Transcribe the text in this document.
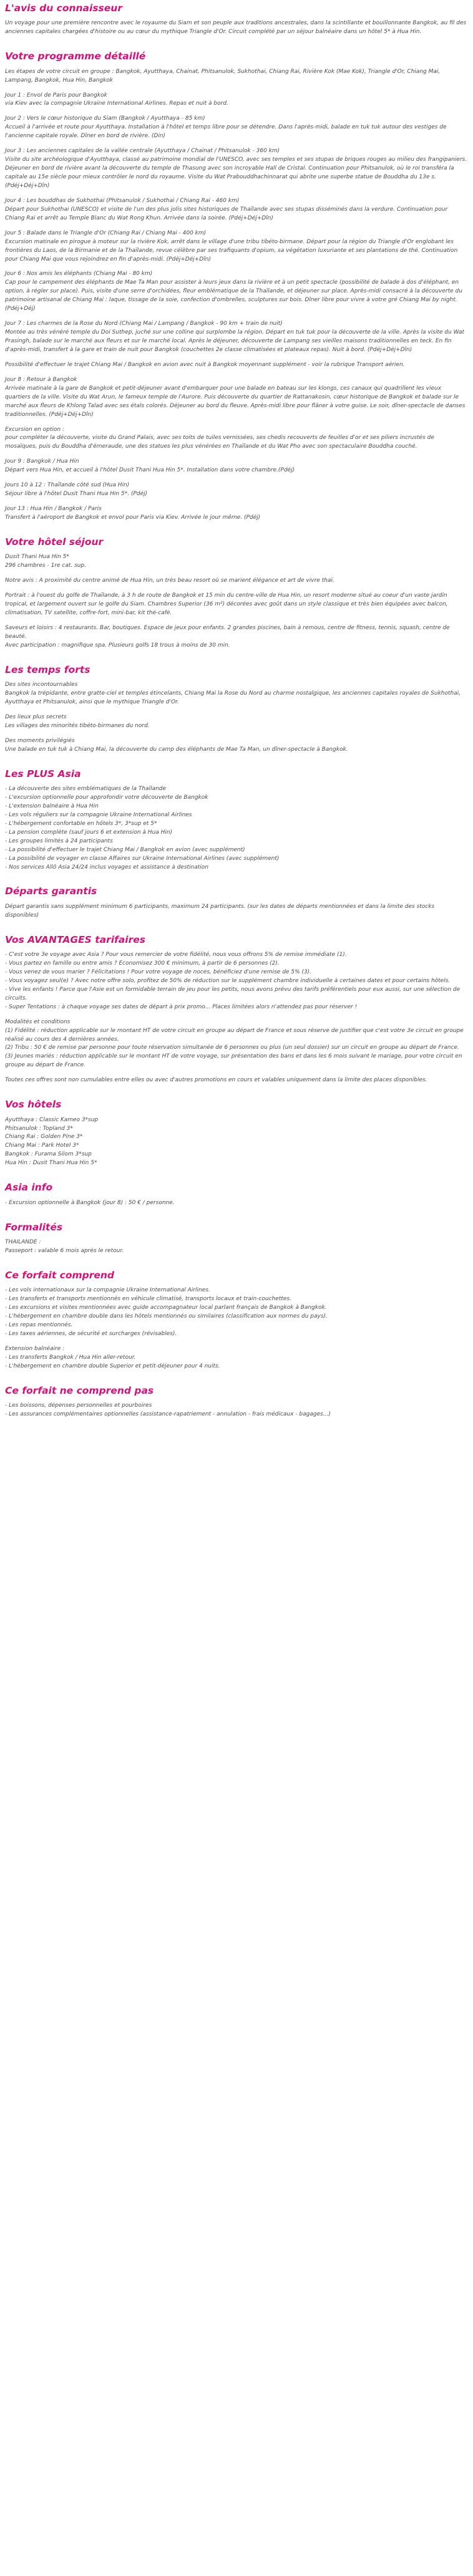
L'avis du connaisseur

Un voyage pour une première rencontre avec le royaume du Siam et son peuple aux traditions ancestrales, dans la scintillante et bouillonnante Bangkok, au fil des anciennes capitales chargées d'histoire ou au cœur du mythique Triangle d'Or. Circuit complété par un séjour balnéaire dans un hôtel 5* à Hua Hin.

Votre programme détaillé

Les étapes de votre circuit en groupe : Bangkok, Ayutthaya, Chainat, Phitsanulok, Sukhothai, Chiang Rai, Rivière Kok (Mae Kok), Triangle d'Or, Chiang Mai, Lampang, Bangkok, Hua Hin, Bangkok

Jour 1 : Envol de Paris pour Bangkok
via Kiev avec la compagnie Ukraine International Airlines. Repas et nuit à bord.

Jour 2 : Vers le cœur historique du Siam (Bangkok / Ayutthaya - 85 km)
Accueil à l'arrivée et route pour Ayutthaya. Installation à l'hôtel et temps libre pour se détendre. Dans l'après-midi, balade en tuk tuk autour des vestiges de l'ancienne capitale royale. Dîner en bord de rivière. (Din)

Jour 3 : Les anciennes capitales de la vallée centrale (Ayutthaya / Chainat / Phitsanulok - 360 km)
Visite du site archéologique d'Ayutthaya, classé au patrimoine mondial de l'UNESCO, avec ses temples et ses stupas de briques rouges au milieu des frangipaniers. Déjeuner en bord de rivière avant la découverte du temple de Thasung avec son incroyable Hall de Cristal. Continuation pour Phitsanulok, où le roi transféra la capitale au 15e siècle pour mieux contrôler le nord du royaume. Visite du Wat Prabouddhachinnarat qui abrite une superbe statue de Bouddha du 13e s. (Pdéj+Déj+Dîn)

Jour 4 : Les bouddhas de Sukhothai (Phitsanulok / Sukhothai / Chiang Rai - 460 km)
Départ pour Sukhothai (UNESCO) et visite de l'un des plus jolis sites historiques de Thaïlande avec ses stupas disséminés dans la verdure. Continuation pour Chiang Rai et arrêt au Temple Blanc du Wat Rong Khun. Arrivée dans la soirée. (Pdéj+Déj+Dîn)

Jour 5 : Balade dans le Triangle d'Or (Chiang Rai / Chiang Mai - 400 km)
Excursion matinale en pirogue à moteur sur la rivière Kok, arrêt dans le village d'une tribu tibéto-birmane. Départ pour la région du Triangle d'Or englobant les frontières du Laos, de la Birmanie et de la Thaïlande, revue célèbre par ses trafiquants d'opium, sa végétation luxuriante et ses plantations de thé. Continuation pour Chiang Mai que vous rejoindrez en fin d'après-midi. (Pdéj+Déj+Dîn)

Jour 6 : Nos amis les éléphants (Chiang Mai - 80 km)
Cap pour le campement des éléphants de Mae Ta Man pour assister à leurs jeux dans la rivière et à un petit spectacle (possibilité de balade à dos d'éléphant, en option, à régler sur place). Puis, visite d'une serre d'orchidées, fleur emblématique de la Thaïlande, et déjeuner sur place. Après-midi consacré à la découverte du patrimoine artisanal de Chiang Mai : laque, tissage de la soie, confection d'ombrelles, sculptures sur bois. Dîner libre pour vivre à votre gré Chiang Mai by night. (Pdéj+Déj)

Jour 7 : Les charmes de la Rose du Nord (Chiang Mai / Lampang / Bangkok - 90 km + train de nuit)
Montée au très vénéré temple du Doi Suthep, juché sur une colline qui surplombe la région. Départ en tuk tuk pour la découverte de la ville. Après la visite du Wat Prasingh, balade sur le marché aux fleurs et sur le marché local. Après le déjeuner, découverte de Lampang ses vieilles maisons traditionnelles en teck. En fin d'après-midi, transfert à la gare et train de nuit pour Bangkok (couchettes 2e classe climatisées et plateaux repas). Nuit à bord. (Pdéj+Déj+Dîn)

Possibilité d'effectuer le trajet Chiang Mai / Bangkok en avion avec nuit à Bangkok moyennant supplément - voir la rubrique Transport aérien.

Jour 8 : Retour à Bangkok
Arrivée matinale à la gare de Bangkok et petit-déjeuner avant d'embarquer pour une balade en bateau sur les klongs, ces canaux qui quadrillent les vieux quartiers de la ville. Visite du Wat Arun, le fameux temple de l'Aurore. Puis découverte du quartier de Rattanakosin, cœur historique de Bangkok et balade sur le marché aux fleurs de Khlong Talad avec ses étals colorés. Déjeuner au bord du fleuve. Après-midi libre pour flâner à votre guise. Le soir, dîner-spectacle de danses traditionnelles. (Pdéj+Déj+Dîn)

Excursion en option :
pour compléter la découverte, visite du Grand Palais, avec ses toits de tuiles vernissées, ses chedis recouverts de feuilles d'or et ses piliers incrustés de mosaïques, puis du Bouddha d'émeraude, une des statues les plus vénérées en Thaïlande et du Wat Pho avec son spectaculaire Bouddha couché.

Jour 9 : Bangkok / Hua Hin
Départ vers Hua Hin, et accueil à l'hôtel Dusit Thani Hua Hin 5*. Installation dans votre chambre.(Pdéj)

Jours 10 à 12 : Thaïlande côté sud (Hua Hin)
Séjour libre à l'hôtel Dusit Thani Hua Hin 5*. (Pdéj)

Jour 13 : Hua Hin / Bangkok / Paris
Transfert à l'aéroport de Bangkok et envol pour Paris via Kiev. Arrivée le jour même. (Pdéj)

Votre hôtel séjour

Dusit Thani Hua Hin 5*
296 chambres - 1re cat. sup.

Notre avis : A proximité du centre animé de Hua Hin, un très beau resort où se marient élégance et art de vivre thaï.

Portrait : à l'ouest du golfe de Thaïlande, à 3 h de route de Bangkok et 15 min du centre-ville de Hua Hin, un resort moderne situé au coeur d'un vaste jardin tropical, et largement ouvert sur le golfe du Siam. Chambres Superior (36 m²) décorées avec goût dans un style classique et très bien équipées avec balcon, climatisation, TV satellite, coffre-fort, mini-bar, kit thé-café.

Saveurs et loisirs : 4 restaurants. Bar, boutiques. Espace de jeux pour enfants. 2 grandes piscines, bain à remous, centre de fitness, tennis, squash, centre de beauté.
Avec participation : magnifique spa. Plusieurs golfs 18 trous à moins de 30 min.

Les temps forts

Des sites incontournables
Bangkok la trépidante, entre gratte-ciel et temples étincelants, Chiang Mai la Rose du Nord au charme nostalgique, les anciennes capitales royales de Sukhothai, Ayutthaya et Phitsanulok, ainsi que le mythique Triangle d'Or.

Des lieux plus secrets
Les villages des minorités tibéto-birmanes du nord.

Des moments privilégiés
Une balade en tuk tuk à Chiang Mai, la découverte du camp des éléphants de Mae Ta Man, un dîner-spectacle à Bangkok.

Les PLUS Asia

- La découverte des sites emblématiques de la Thaïlande
- L'excursion optionnelle pour approfondir votre découverte de Bangkok
- L'extension balnéaire à Hua Hin
- Les vols réguliers sur la compagnie Ukraine International Airlines
- L'hébergement confortable en hôtels 3*, 3*sup et 5*
- La pension complète (sauf jours 6 et extension à Hua Hin)
- Les groupes limités à 24 participants
- La possibilité d'effectuer le trajet Chiang Mai / Bangkok en avion (avec supplément)
- La possibilité de voyager en classe Affaires sur Ukraine International Airlines (avec supplément)
- Nos services Allô Asia 24/24 inclus voyages et assistance à destination

Départs garantis

Départ garantis sans supplément minimum 6 participants, maximum 24 participants. (sur les dates de départs mentionnées et dans la limite des stocks disponibles)

Vos AVANTAGES tarifaires

- C'est votre 3e voyage avec Asia ? Pour vous remercier de votre fidélité, nous vous offrons 5% de remise immédiate (1).
- Vous partez en famille ou entre amis ? Economisez 300 € minimum, à partir de 6 personnes (2).
- Vous venez de vous marier ? Félicitations ! Pour votre voyage de noces, bénéficiez d'une remise de 5% (3).
- Vous voyagez seul(e) ? Avec notre offre solo, profitez de 50% de réduction sur le supplément chambre individuelle à certaines dates et pour certains hôtels.
- Vive les enfants ! Parce que l'Asie est un formidable terrain de jeu pour les petits, nous avons prévu des tarifs préférentiels pour eux aussi, sur une sélection de circuits.
- Super Tentations : à chaque voyage ses dates de départ à prix promo... Places limitées alors n'attendez pas pour réserver !

Modalités et conditions
(1) Fidélité : réduction applicable sur le montant HT de votre circuit en groupe au départ de France et sous réserve de justifier que c'est votre 3e circuit en groupe réalisé au cours des 4 dernières années.
(2) Tribu : 50 € de remise par personne pour toute réservation simultanée de 6 personnes ou plus (un seul dossier) sur un circuit en groupe au départ de France.
(3) Jeunes mariés : réduction applicable sur le montant HT de votre voyage, sur présentation des bans et dans les 6 mois suivant le mariage, pour votre circuit en groupe au départ de France.

Toutes ces offres sont non cumulables entre elles ou avec d'autres promotions en cours et valables uniquement dans la limite des places disponibles.

Vos hôtels

Ayutthaya : Classic Kameo 3*sup
Phitsanulok : Topland 3*
Chiang Rai : Golden Pine 3*
Chiang Mai : Park Hotel 3*
Bangkok : Furama Silom 3*sup
Hua Hin : Dusit Thani Hua Hin 5*

Asia info

- Excursion optionnelle à Bangkok (jour 8) : 50 € / personne.

Formalités

THAILANDE :
Passeport : valable 6 mois après le retour.

Ce forfait comprend

- Les vols internationaux sur la compagnie Ukraine International Airlines.
- Les transferts et transports mentionnés en véhicule climatisé, transports locaux et train-couchettes.
- Les excursions et visites mentionnées avec guide accompagnateur local parlant français de Bangkok à Bangkok.
- L'hébergement en chambre double dans les hôtels mentionnés ou similaires (classification aux normes du pays).
- Les repas mentionnés.
- Les taxes aériennes, de sécurité et surcharges (révisables).

Extension balnéaire :
- Les transferts Bangkok / Hua Hin aller-retour.
- L'hébergement en chambre double Superior et petit-déjeuner pour 4 nuits.

Ce forfait ne comprend pas

- Les boissons, dépenses personnelles et pourboires
- Les assurances complémentaires optionnelles (assistance-rapatriement - annulation - frais médicaux - bagages...)
